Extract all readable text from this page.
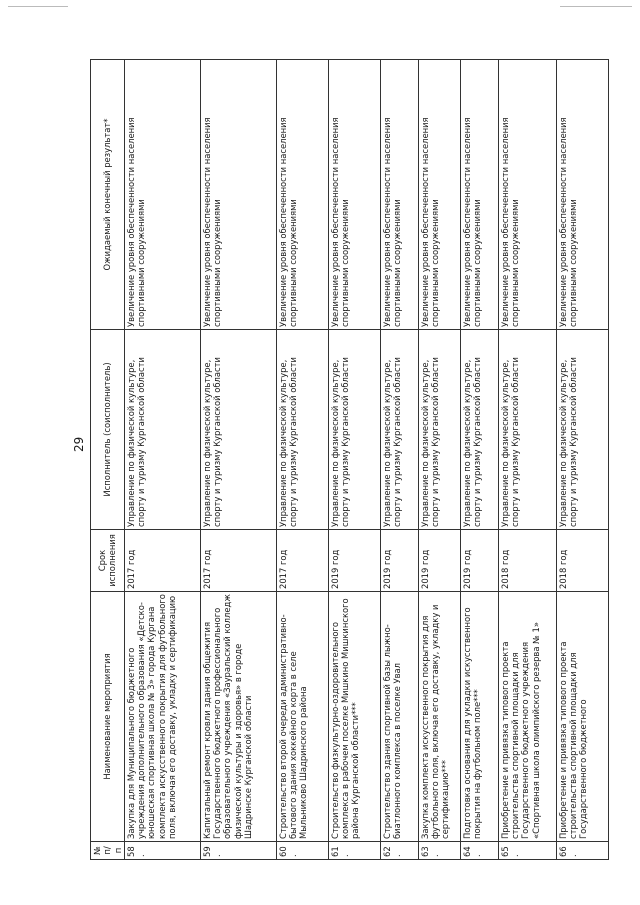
29
№ п/п	Наименование мероприятия	Срок исполнения	Исполнитель (соисполнитель)	Ожидаемый конечный результат*
58.	Закупка для Муниципального бюджетного учреждения дополнительного образования «Детско-юношеская спортивная школа № 3» города Кургана комплекта искусственного покрытия для футбольного поля, включая его доставку, укладку и сертификацию	2017 год	Управление по физической культуре, спорту и туризму Курганской области	Увеличение уровня обеспеченности населения спортивными сооружениями
59.	Капитальный ремонт кровли здания общежития Государственного бюджетного профессионального образовательного учреждения «Зауральский колледж физической культуры и здоровья» в городе Шадринске Курганской области	2017 год	Управление по физической культуре, спорту и туризму Курганской области	Увеличение уровня обеспеченности населения спортивными сооружениями
60.	Строительство второй очереди административно-бытового здания хоккейного корта в селе Мыльниково Шадринского района	2017 год	Управление по физической культуре, спорту и туризму Курганской области	Увеличение уровня обеспеченности населения спортивными сооружениями
61.	Строительство физкультурно-оздоровительного комплекса в рабочем поселке Мишкино Мишкинского района Курганской области***	2019 год	Управление по физической культуре, спорту и туризму Курганской области	Увеличение уровня обеспеченности населения спортивными сооружениями
62.	Строительство здания спортивной базы лыжно-биатлонного комплекса в поселке Увал	2019 год	Управление по физической культуре, спорту и туризму Курганской области	Увеличение уровня обеспеченности населения спортивными сооружениями
63.	Закупка комплекта искусственного покрытия для футбольного поля, включая его доставку, укладку и сертификацию***	2019 год	Управление по физической культуре, спорту и туризму Курганской области	Увеличение уровня обеспеченности населения спортивными сооружениями
64.	Подготовка основания для укладки искусственного покрытия на футбольном поле***	2019 год	Управление по физической культуре, спорту и туризму Курганской области	Увеличение уровня обеспеченности населения спортивными сооружениями
65.	Приобретение и привязка типового проекта строительства спортивной площадки для Государственного бюджетного учреждения «Спортивная школа олимпийского резерва № 1»	2018 год	Управление по физической культуре, спорту и туризму Курганской области	Увеличение уровня обеспеченности населения спортивными сооружениями
66.	Приобретение и привязка типового проекта строительства спортивной площадки для Государственного бюджетного	2018 год	Управление по физической культуре, спорту и туризму Курганской области	Увеличение уровня обеспеченности населения спортивными сооружениями
